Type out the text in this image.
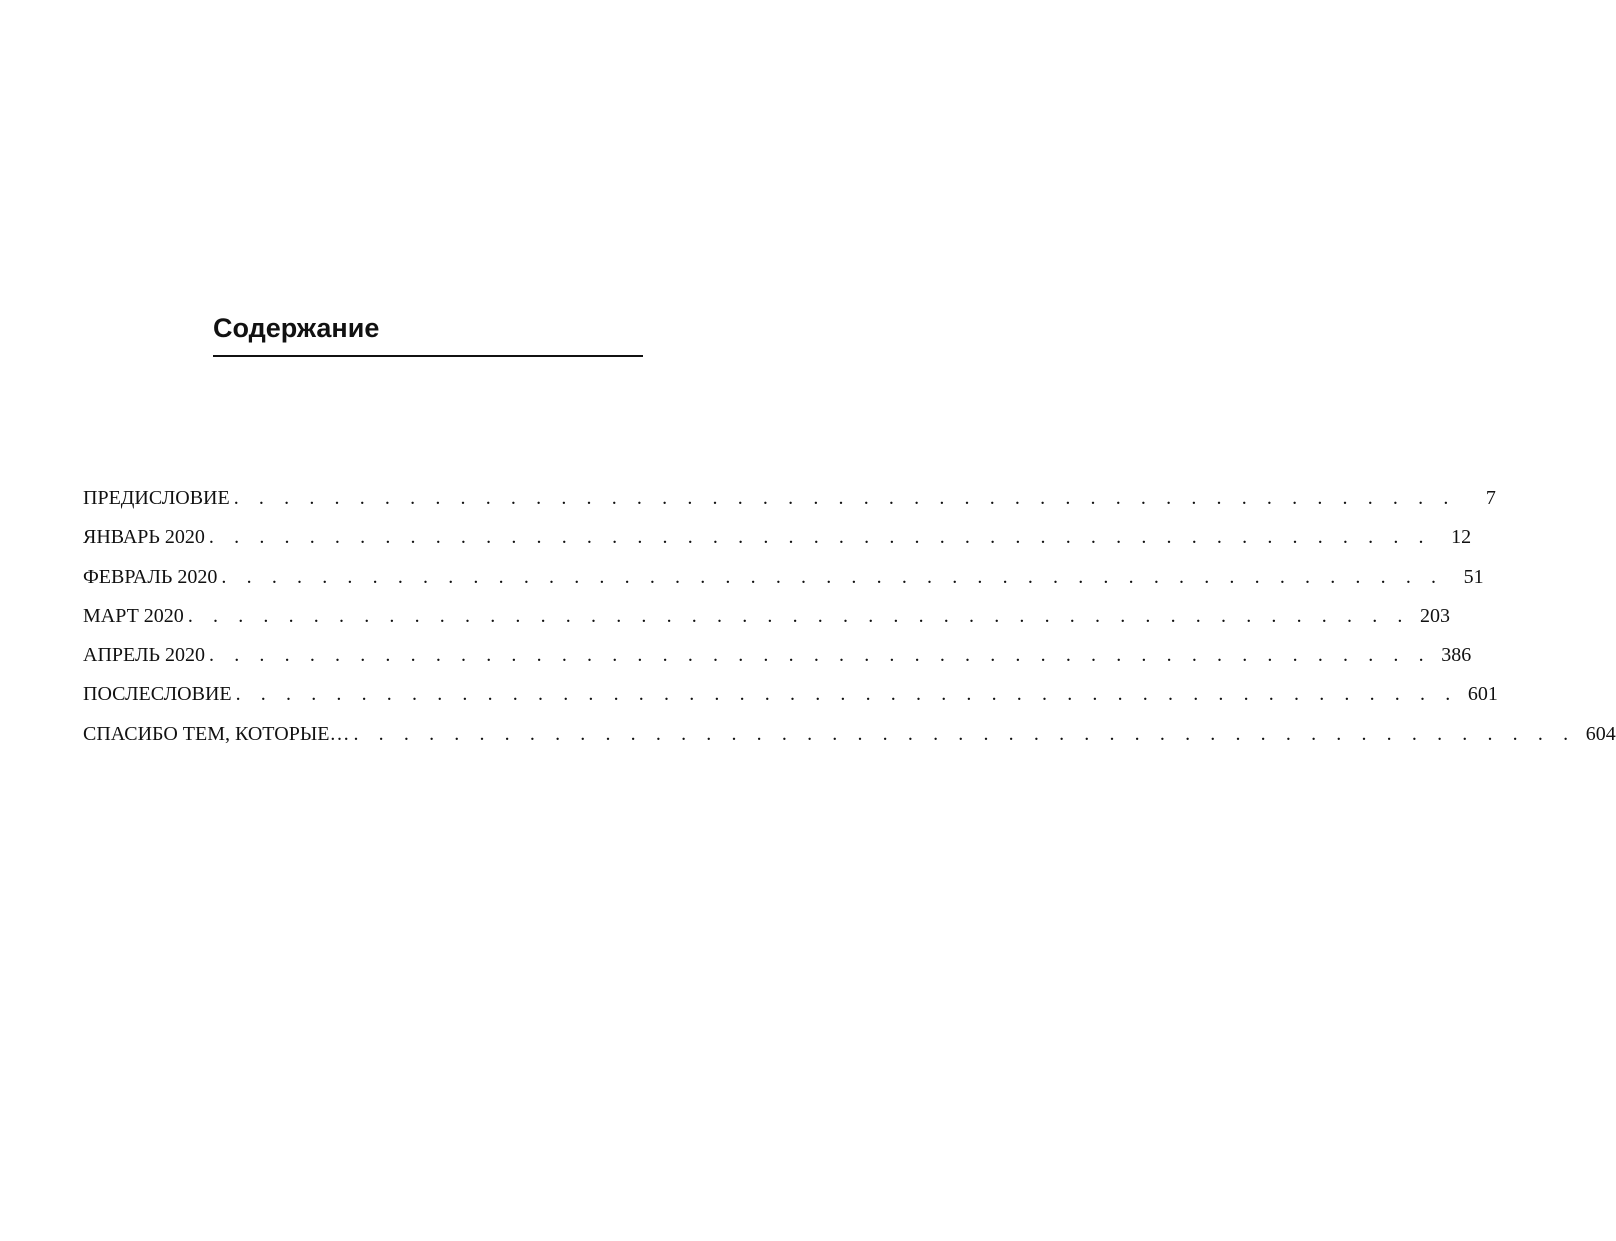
Содержание
ПРЕДИСЛОВИЕ . . . . . . . . . . . . . . . . . . . . . . . . . . . . . . . . . . . . . . . . . . . . . . . . .	7
ЯНВАРЬ 2020 . . . . . . . . . . . . . . . . . . . . . . . . . . . . . . . . . . . . . . . . . . . . . . . . .	12
ФЕВРАЛЬ 2020 . . . . . . . . . . . . . . . . . . . . . . . . . . . . . . . . . . . . . . . . . . . . . . . . .	51
МАРТ 2020 . . . . . . . . . . . . . . . . . . . . . . . . . . . . . . . . . . . . . . . . . . . . . . . . . 203
АПРЕЛЬ 2020 . . . . . . . . . . . . . . . . . . . . . . . . . . . . . . . . . . . . . . . . . . . . . . . . . 386
ПОСЛЕСЛОВИЕ . . . . . . . . . . . . . . . . . . . . . . . . . . . . . . . . . . . . . . . . . . . . . . . . . 601
СПАСИБО ТЕМ, КОТОРЫЕ… . . . . . . . . . . . . . . . . . . . . . . . . . . . . . . . . . . . . . . . . . . . . . . . . . 604
